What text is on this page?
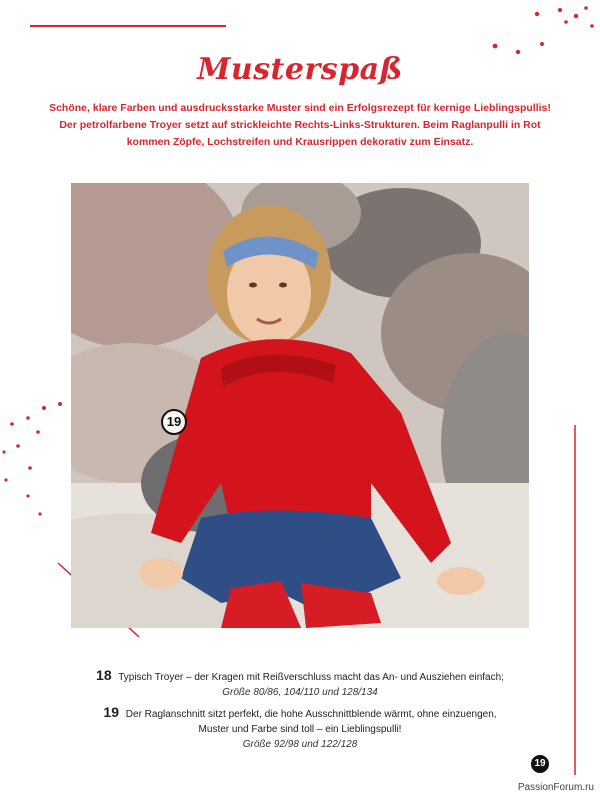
Musterspaß
Schöne, klare Farben und ausdrucksstarke Muster sind ein Erfolgsrezept für kernige Lieblingspullis!
Der petrolfarbene Troyer setzt auf strickleichte Rechts-Links-Strukturen. Beim Raglanpulli in Rot
kommen Zöpfe, Lochstreifen und Krausrippen dekorativ zum Einsatz.
19
18 Typisch Troyer – der Kragen mit Reißverschluss macht das An- und Ausziehen einfach;
Größe 80/86, 104/110 und 128/134
19 Der Raglanschnitt sitzt perfekt, die hohe Ausschnittblende wärmt, ohne einzuengen,
Muster und Farbe sind toll – ein Lieblingspulli!
Größe 92/98 und 122/128
19
PassionForum.ru
